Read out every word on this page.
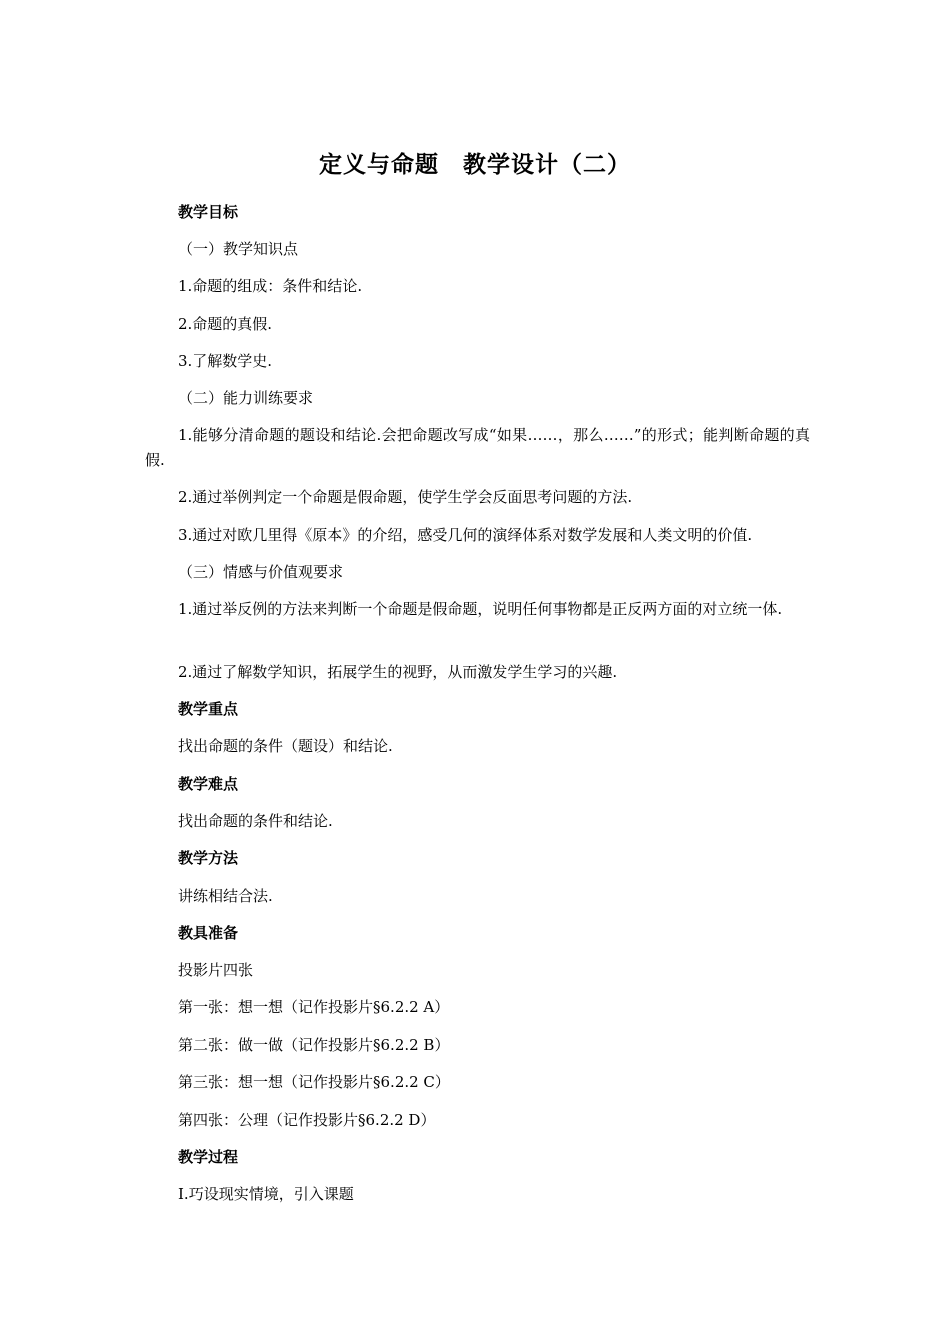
定义与命题　教学设计（二）
教学目标
（一）教学知识点
1.命题的组成：条件和结论.
2.命题的真假.
3.了解数学史.
（二）能力训练要求
1.能够分清命题的题设和结论.会把命题改写成“如果……，那么……”的形式；能判断命题的真假.
2.通过举例判定一个命题是假命题，使学生学会反面思考问题的方法.
3.通过对欧几里得《原本》的介绍，感受几何的演绎体系对数学发展和人类文明的价值.
（三）情感与价值观要求
1.通过举反例的方法来判断一个命题是假命题，说明任何事物都是正反两方面的对立统一体.
2.通过了解数学知识，拓展学生的视野，从而激发学生学习的兴趣.
教学重点
找出命题的条件（题设）和结论.
教学难点
找出命题的条件和结论.
教学方法
讲练相结合法.
教具准备
投影片四张
第一张：想一想（记作投影片§6.2.2 A）
第二张：做一做（记作投影片§6.2.2 B）
第三张：想一想（记作投影片§6.2.2 C）
第四张：公理（记作投影片§6.2.2 D）
教学过程
Ⅰ.巧设现实情境，引入课题
